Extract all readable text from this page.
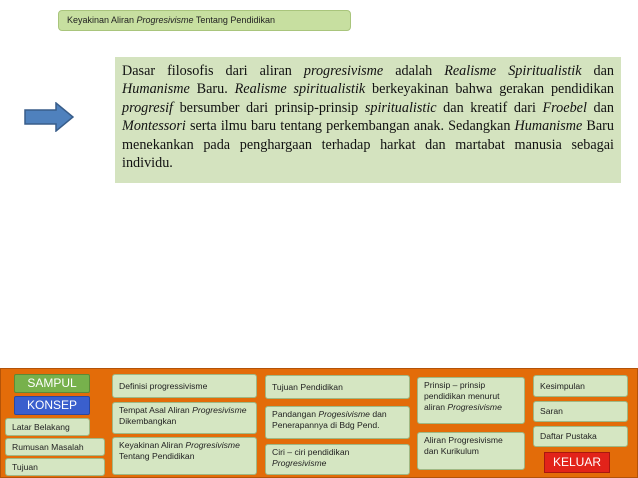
Keyakinan Aliran Progresivisme Tentang Pendidikan
Dasar filosofis dari aliran progresivisme adalah Realisme Spiritualistik dan Humanisme Baru. Realisme spiritualistik berkeyakinan bahwa gerakan pendidikan progresif bersumber dari prinsip-prinsip spiritualistic dan kreatif dari Froebel dan Montessori serta ilmu baru tentang perkembangan anak. Sedangkan Humanisme Baru menekankan pada penghargaan terhadap harkat dan martabat manusia sebagai individu.
SAMPUL
KONSEP
Latar Belakang
Rumusan Masalah
Tujuan
Definisi progressivisme
Tempat Asal Aliran Progresivisme Dikembangkan
Keyakinan Aliran Progresivisme Tentang Pendidikan
Tujuan Pendidikan
Pandangan Progesivisme dan Penerapannya di Bdg Pend.
Ciri – ciri pendidikan Progresivisme
Prinsip – prinsip pendidikan menurut aliran Progresivisme
Aliran Progresivisme dan Kurikulum
Kesimpulan
Saran
Daftar Pustaka
KELUAR
